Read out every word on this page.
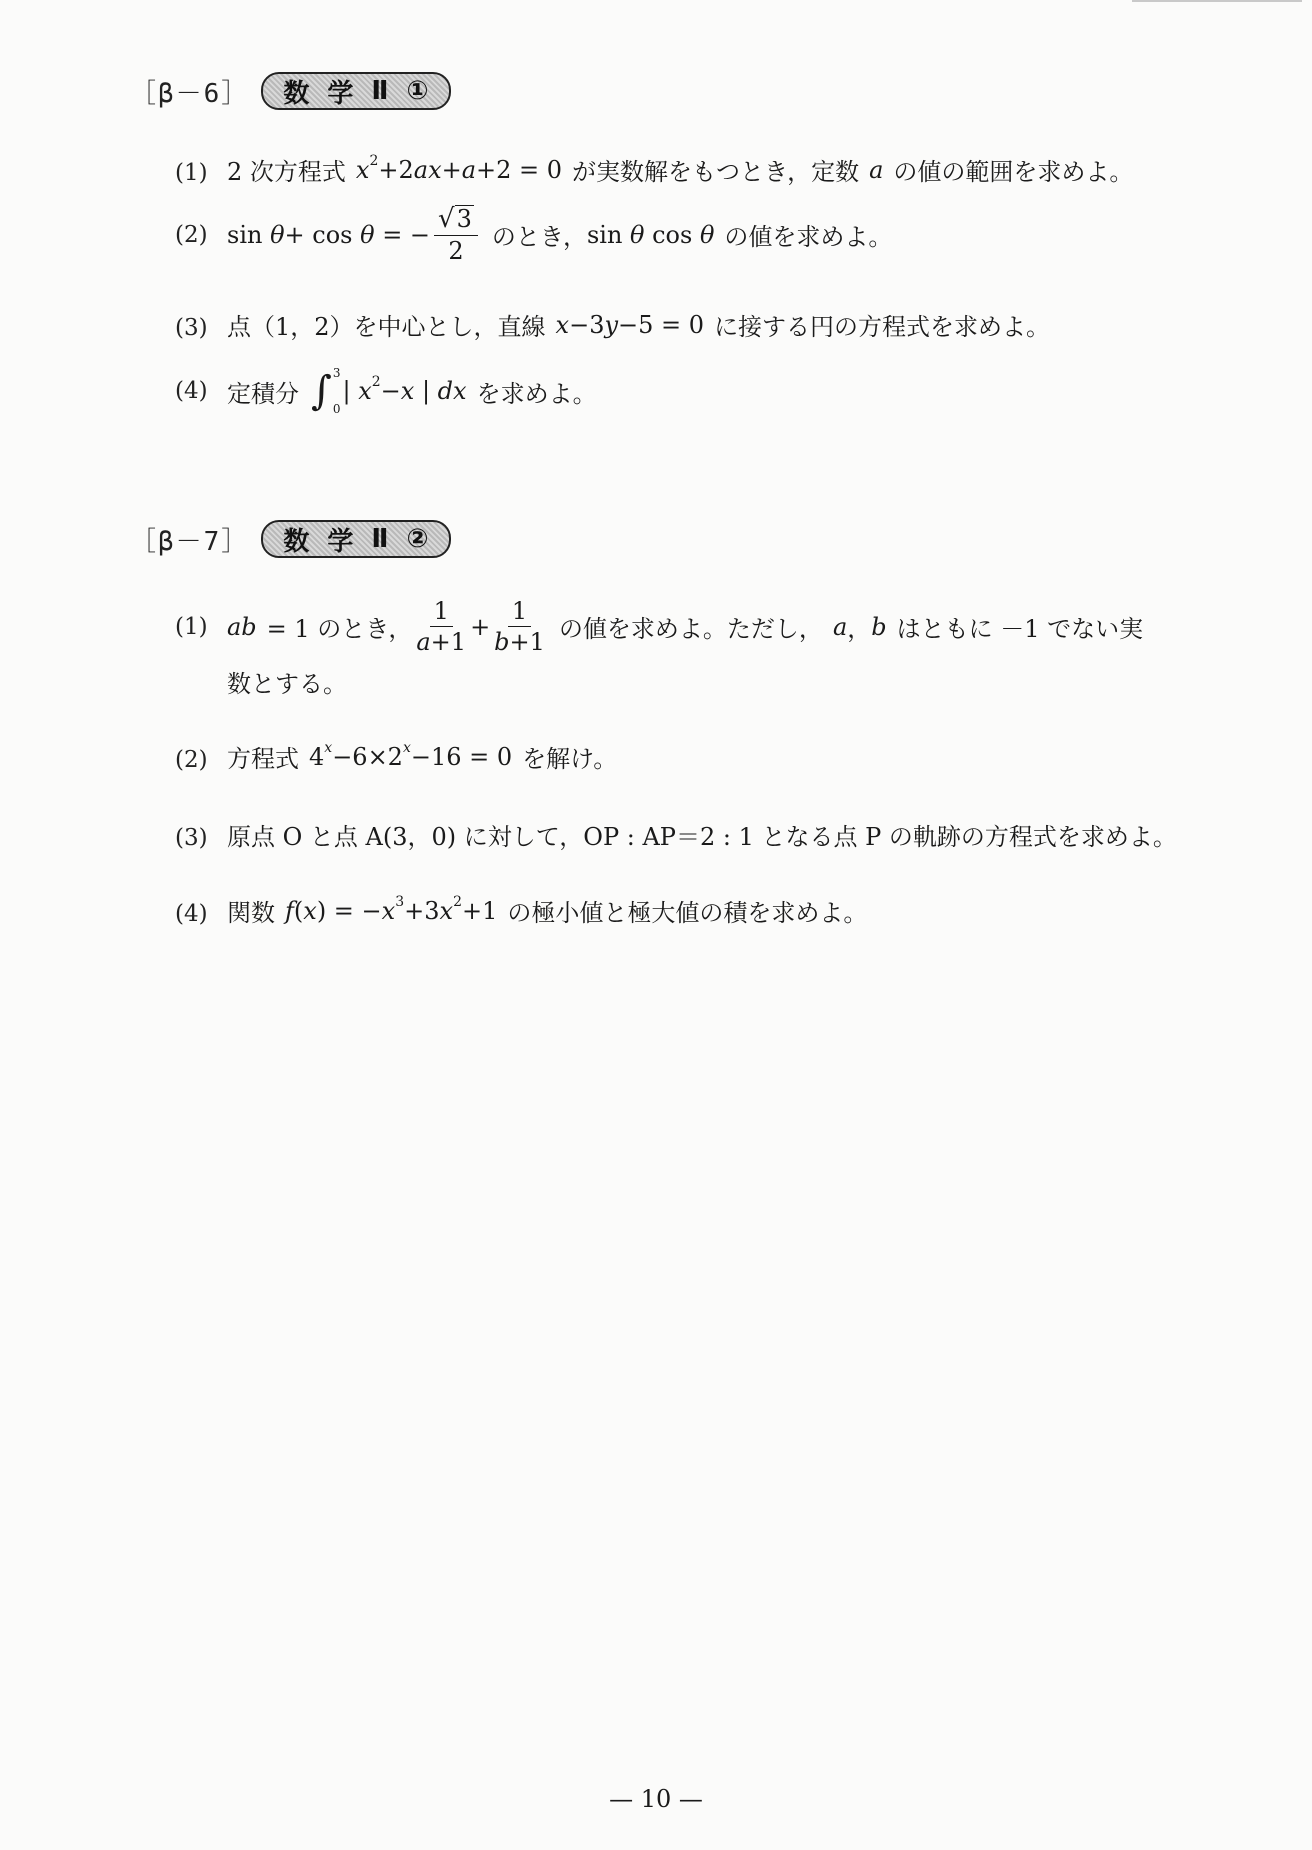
［β－6］ 数 学 Ⅱ ①
(1) 2 次方程式 $x^2+2ax+a+2 = 0$ が実数解をもつとき，定数 a の値の範囲を求めよ。
(2) sin θ+ cos θ = − $\frac{√ 3}{2}$ のとき， sin θ cos θ の値を求めよ。
(3) 点（1，2）を中心とし，直線 x−3y−5 = 0 に接する円の方程式を求めよ。
(4) 定積分 ∫ 3
0
| $x^2-x$ | dx を求めよ。
［β－7］ 数 学 Ⅱ ②
(1) ab = 1 のとき， $\frac{1}{a+1} + \frac{1}{b+1}$ の値を求めよ。ただし， a ， b はともに －1 でない実
数とする。
(2) 方程式 $4^x-6\times 2^x-16 = 0$ を解け。
(3) 原点 O と点 A(3，0) に対して，OP : AP＝2 : 1 となる点 P の軌跡の方程式を求めよ。
(4) 関数 $f(x) = -x^3+3x^2+1$ の極小値と極大値の積を求めよ。
— 10 —
